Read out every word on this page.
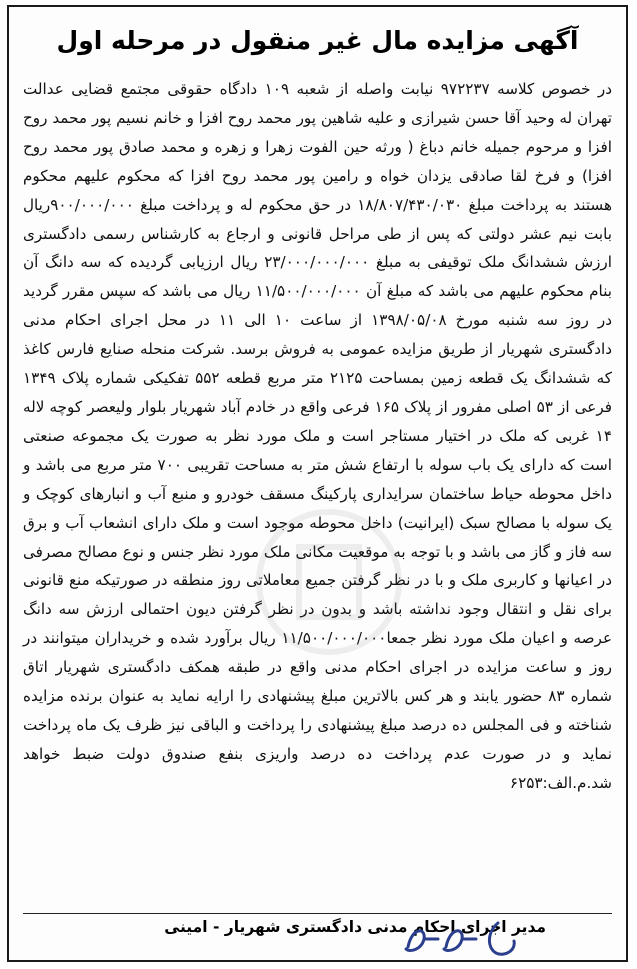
آگهی مزایده مال غیر منقول در مرحله اول

در خصوص کلاسه ۹۷۲۲۳۷ نیابت واصله از شعبه ۱۰۹ دادگاه حقوقی مجتمع قضایی عدالت تهران له وحید آقا حسن شیرازی و علیه شاهین پور محمد روح افزا و خانم نسیم پور محمد روح افزا و مرحوم جمیله خانم دباغ ( ورثه حین الفوت زهرا و زهره و محمد صادق پور محمد روح افزا) و فرخ لقا صادقی یزدان خواه و رامین پور محمد روح افزا که محکوم علیهم محکوم هستند به پرداخت مبلغ ۱۸/۸۰۷/۴۳۰/۰۳۰ در حق محکوم له و پرداخت مبلغ ۹۰۰/۰۰۰/۰۰۰ریال بابت نیم عشر دولتی که پس از طی مراحل قانونی و ارجاع به کارشناس رسمی دادگستری ارزش ششدانگ ملک توقیفی به مبلغ ۲۳/۰۰۰/۰۰۰/۰۰۰ ریال ارزیابی گردیده که سه دانگ آن بنام محکوم علیهم می باشد که مبلغ آن ۱۱/۵۰۰/۰۰۰/۰۰۰ ریال می باشد که سپس مقرر گردید در روز سه شنبه مورخ ۱۳۹۸/۰۵/۰۸ از ساعت ۱۰ الی ۱۱ در محل اجرای احکام مدنی دادگستری شهریار از طریق مزایده عمومی به فروش برسد. شرکت منحله صنایع فارس کاغذ که ششدانگ یک قطعه زمین بمساحت ۲۱۲۵ متر مربع قطعه ۵۵۲ تفکیکی شماره پلاک ۱۳۴۹ فرعی از ۵۳ اصلی مفرور از پلاک ۱۶۵ فرعی واقع در خادم آباد شهریار بلوار ولیعصر کوچه لاله ۱۴ غربی که ملک در اختیار مستاجر است و ملک مورد نظر به صورت یک مجموعه صنعتی است که دارای یک باب سوله با ارتفاع شش متر به مساحت تقریبی ۷۰۰ متر مربع می باشد و داخل محوطه حیاط ساختمان سرایداری پارکینگ مسقف خودرو و منبع آب و انبارهای کوچک و یک سوله با مصالح سبک (ایرانیت) داخل محوطه موجود است و ملک دارای انشعاب آب و برق سه فاز و گاز می باشد و با توجه به موقعیت مکانی ملک مورد نظر جنس و نوع مصالح مصرفی در اعیانها و کاربری ملک و با در نظر گرفتن جمیع معاملاتی روز منطقه در صورتیکه منع قانونی برای نقل و انتقال وجود نداشته باشد و بدون در نظر گرفتن دیون احتمالی ارزش سه دانگ عرصه و اعیان ملک مورد نظر جمعا۱۱/۵۰۰/۰۰۰/۰۰۰ ریال برآورد شده و خریداران میتوانند در روز و ساعت مزایده در اجرای احکام مدنی واقع در طبقه همکف دادگستری شهریار اتاق شماره ۸۳ حضور یابند و هر کس بالاترین مبلغ پیشنهادی را ارایه نماید به عنوان برنده مزایده شناخته و فی المجلس ده درصد مبلغ پیشنهادی را پرداخت و الباقی نیز ظرف یک ماه پرداخت نماید و در صورت عدم پرداخت ده درصد واریزی بنفع صندوق دولت ضبط خواهد شد.م.الف:۶۲۵۳

مدیر اجرای احکام مدنی دادگستری شهریار - امینی
